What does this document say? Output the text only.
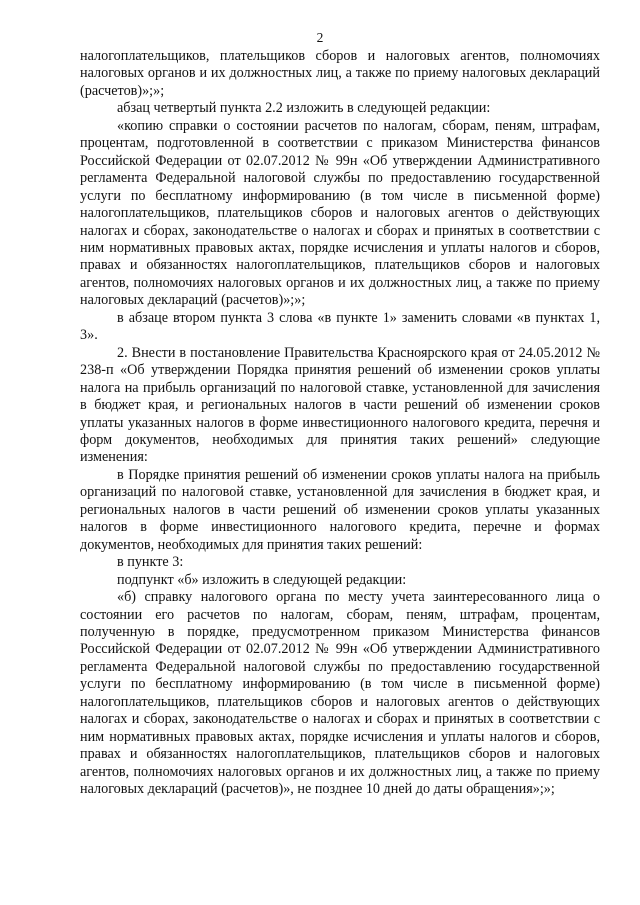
2

налогоплательщиков, плательщиков сборов и налоговых агентов, полномочиях налоговых органов и их должностных лиц, а также по приему налоговых деклараций (расчетов)»;»;

абзац четвертый пункта 2.2 изложить в следующей редакции:

«копию справки о состоянии расчетов по налогам, сборам, пеням, штрафам, процентам, подготовленной в соответствии с приказом Министерства финансов Российской Федерации от 02.07.2012 № 99н «Об утверждении Административного регламента Федеральной налоговой службы по предоставлению государственной услуги по бесплатному информированию (в том числе в письменной форме) налогоплательщиков, плательщиков сборов и налоговых агентов о действующих налогах и сборах, законодательстве о налогах и сборах и принятых в соответствии с ним нормативных правовых актах, порядке исчисления и уплаты налогов и сборов, правах и обязанностях налогоплательщиков, плательщиков сборов и налоговых агентов, полномочиях налоговых органов и их должностных лиц, а также по приему налоговых деклараций (расчетов)»;»;

в абзаце втором пункта 3 слова «в пункте 1» заменить словами «в пунктах 1, 3».

2. Внести в постановление Правительства Красноярского края от 24.05.2012 № 238-п «Об утверждении Порядка принятия решений об изменении сроков уплаты налога на прибыль организаций по налоговой ставке, установленной для зачисления в бюджет края, и региональных налогов в части решений об изменении сроков уплаты указанных налогов в форме инвестиционного налогового кредита, перечня и форм документов, необходимых для принятия таких решений» следующие изменения:

в Порядке принятия решений об изменении сроков уплаты налога на прибыль организаций по налоговой ставке, установленной для зачисления в бюджет края, и региональных налогов в части решений об изменении сроков уплаты указанных налогов в форме инвестиционного налогового кредита, перечне и формах документов, необходимых для принятия таких решений:

в пункте 3:

подпункт «б» изложить в следующей редакции:

«б) справку налогового органа по месту учета заинтересованного лица о состоянии его расчетов по налогам, сборам, пеням, штрафам, процентам, полученную в порядке, предусмотренном приказом Министерства финансов Российской Федерации от 02.07.2012 № 99н «Об утверждении Административного регламента Федеральной налоговой службы по предоставлению государственной услуги по бесплатному информированию (в том числе в письменной форме) налогоплательщиков, плательщиков сборов и налоговых агентов о действующих налогах и сборах, законодательстве о налогах и сборах и принятых в соответствии с ним нормативных правовых актах, порядке исчисления и уплаты налогов и сборов, правах и обязанностях налогоплательщиков, плательщиков сборов и налоговых агентов, полномочиях налоговых органов и их должностных лиц, а также по приему налоговых деклараций (расчетов)», не позднее 10 дней до даты обращения»;»;
